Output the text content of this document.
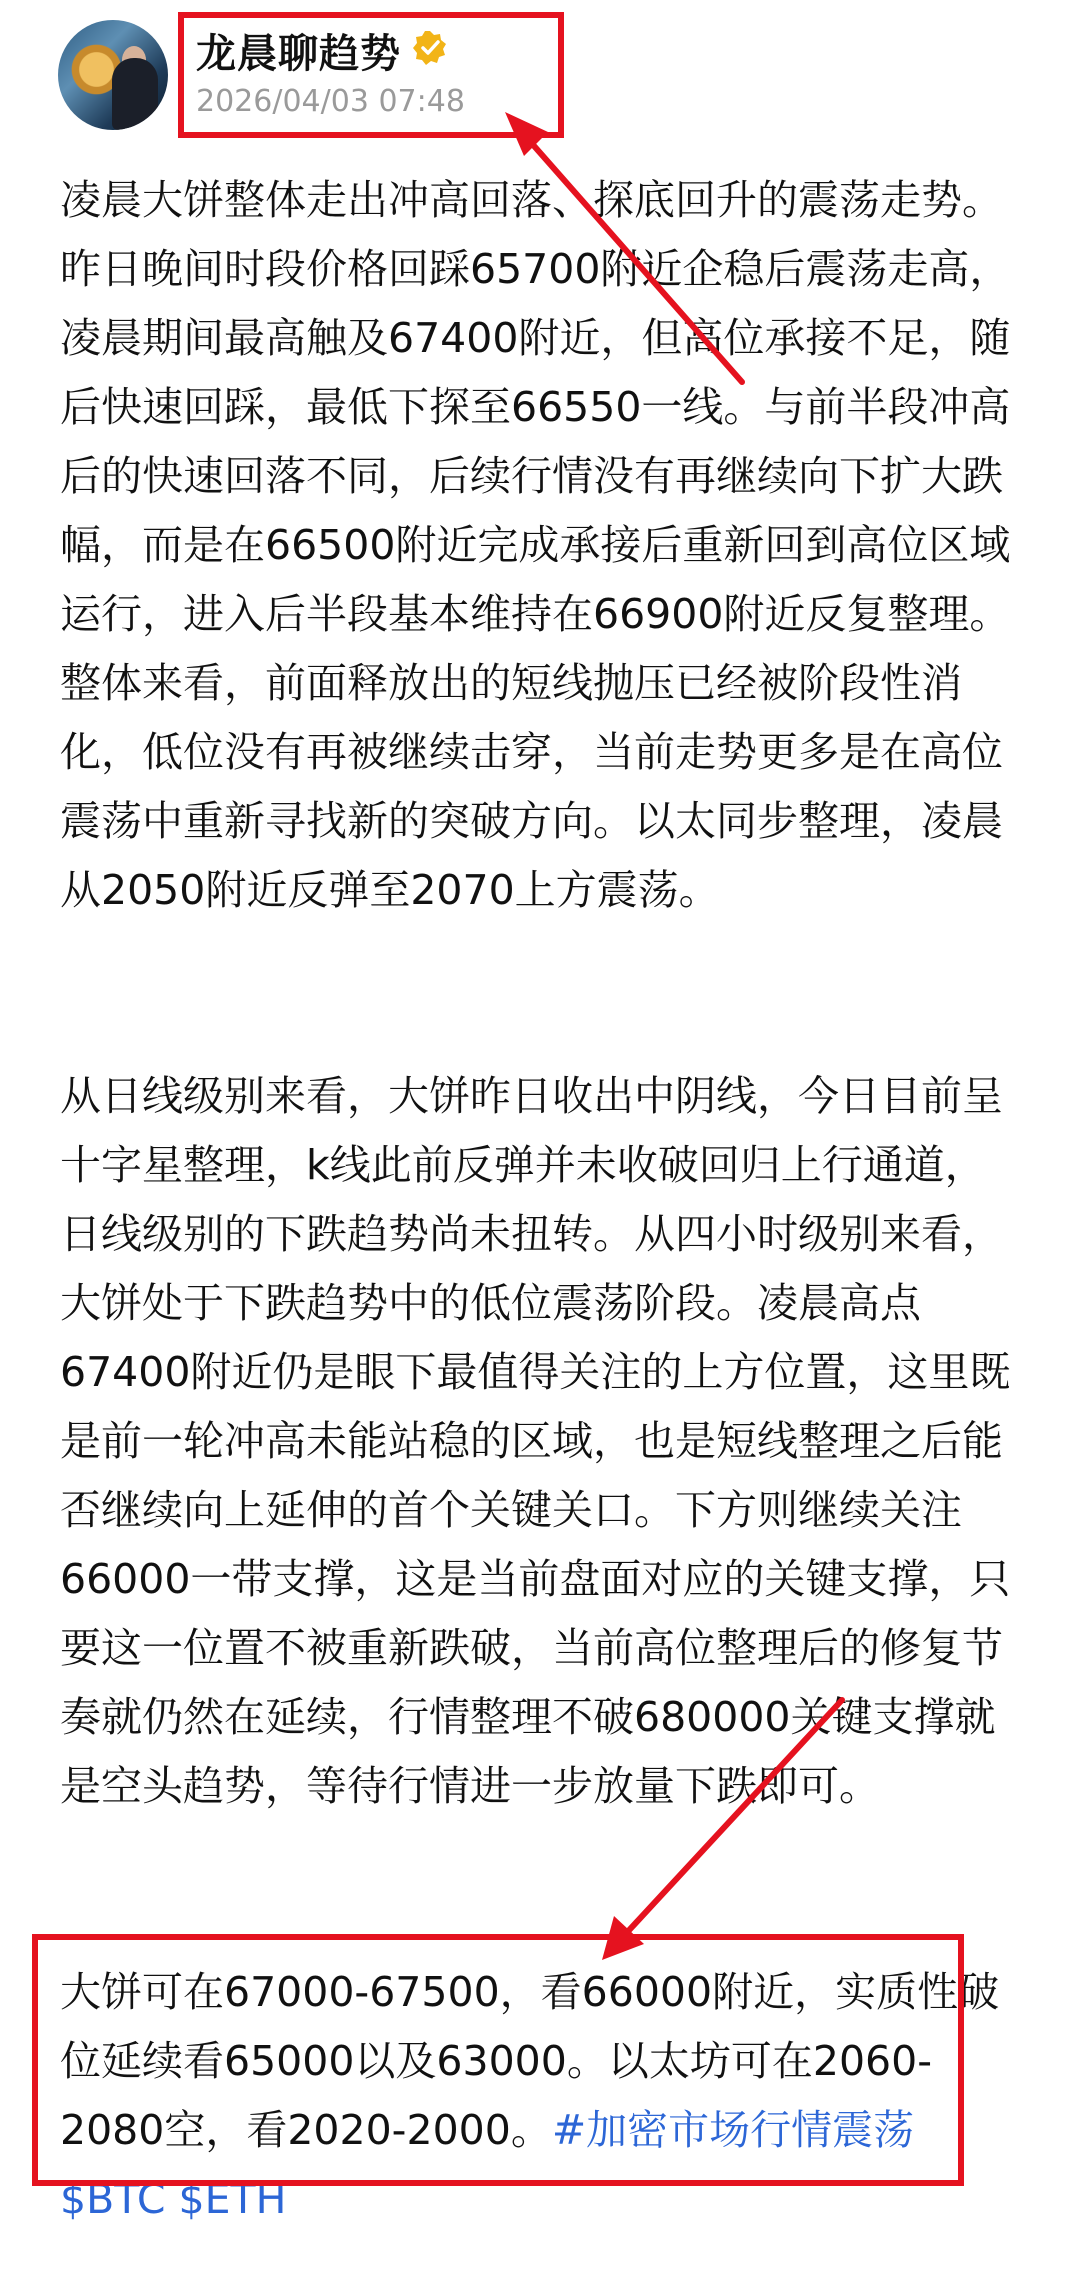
龙晨聊趋势
2026/04/03 07:48

凌晨大饼整体走出冲高回落、探底回升的震荡走势。昨日晚间时段价格回踩65700附近企稳后震荡走高，凌晨期间最高触及67400附近，但高位承接不足，随后快速回踩，最低下探至66550一线。与前半段冲高后的快速回落不同，后续行情没有再继续向下扩大跌幅，而是在66500附近完成承接后重新回到高位区域运行，进入后半段基本维持在66900附近反复整理。整体来看，前面释放出的短线抛压已经被阶段性消化，低位没有再被继续击穿，当前走势更多是在高位震荡中重新寻找新的突破方向。以太同步整理，凌晨从2050附近反弹至2070上方震荡。

从日线级别来看，大饼昨日收出中阴线，今日目前呈十字星整理，k线此前反弹并未收破回归上行通道，日线级别的下跌趋势尚未扭转。从四小时级别来看，大饼处于下跌趋势中的低位震荡阶段。凌晨高点67400附近仍是眼下最值得关注的上方位置，这里既是前一轮冲高未能站稳的区域，也是短线整理之后能否继续向上延伸的首个关键关口。下方则继续关注66000一带支撑，这是当前盘面对应的关键支撑，只要这一位置不被重新跌破，当前高位整理后的修复节奏就仍然在延续，行情整理不破680000关键支撑就是空头趋势，等待行情进一步放量下跌即可。

大饼可在67000-67500，看66000附近，实质性破位延续看65000以及63000。以太坊可在2060-2080空，看2020-2000。#加密市场行情震荡 $BTC $ETH
